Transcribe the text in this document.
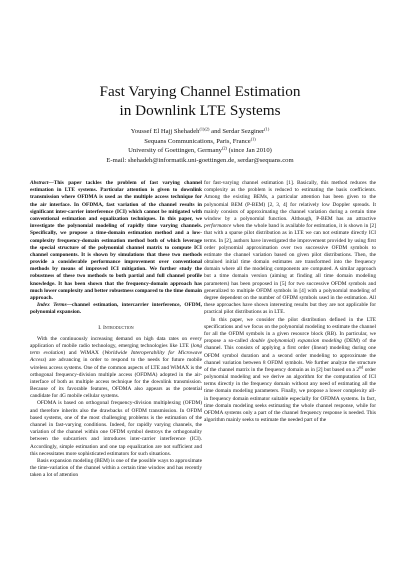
Fast Varying Channel Estimation
in Downlink LTE Systems
Youssef El Hajj Shehadeh$^{(1)(2)}$ and Serdar Sezginer$^{(1)}$
Sequans Communications, Paris, France$^{(1)}$
University of Goettingen, Germany$^{(2)}$ (since Jan 2010)
E-mail: shehadeh@informatik.uni-goettingen.de, serdar@sequans.com

Abstract—This paper tackles the problem of fast varying channel estimation in LTE systems. Particular attention is given to downlink transmission where OFDMA is used as the multiple access technique for the air interface. In OFDMA, fast variation of the channel results in significant inter-carrier interference (ICI) which cannot be mitigated with conventional estimation and equalization techniques. In this paper, we investigate the polynomial modeling of rapidly time varying channels. Specifically, we propose a time-domain estimation method and a low-complexity frequency-domain estimation method both of which leverage the special structure of the polynomial channel matrix to compute ICI channel components. It is shown by simulations that these two methods provide a considerable performance improvement over conventional methods by means of improved ICI mitigation. We further study the robustness of these two methods to both partial and full channel profile knowledge. It has been shown that the frequency-domain approach has much lower complexity and better robustness compared to the time domain approach.

Index Terms—channel estimation, intercarrier interference, OFDM, polynomial expansion.

I. Introduction

With the continuously increasing demand on high data rates on every application of mobile radio technology, emerging technologies like LTE (long term evolution) and WiMAX (Worldwide Interoperability for Microwave Access) are advancing in order to respond to the needs for future mobile wireless access systems. One of the common aspects of LTE and WiMAX is the orthogonal frequency-division multiple access (OFDMA) adopted in the air-interface of both as multiple access technique for the downlink transmission. Because of its favorable features, OFDMA also appears as the potential candidate for 4G mobile cellular systems.

OFDMA is based on orthogonal frequency-division multiplexing (OFDM) and therefore inherits also the drawbacks of OFDM transmission. In OFDM based systems, one of the most challenging problems is the estimation of the channel in fast-varying conditions. Indeed, for rapidly varying channels, the variation of the channel within one OFDM symbol destroys the orthogonality between the subcarriers and introduces inter-carrier interference (ICI). Accordingly, simple estimation and one tap equalization are not sufficient and this necessitates more sophisticated estimators for such situations.

Basis expansion modeling (BEM) is one of the possible ways to approximate the time-variation of the channel within a certain time window and has recently taken a lot of attention

for fast-varying channel estimation [1]. Basically, this method reduces the complexity as the problem is reduced to estimating the basis coefficients. Among the existing BEMs, a particular attention has been given to the polynomial BEM (P-BEM) [2, 3, 4] for relatively low Doppler spreads. It mainly consists of approximating the channel variation during a certain time window by a polynomial function. Although, P-BEM has an attractive performance when the whole band is available for estimation, it is shown in [2] that with a sparse pilot distribution as in LTE we can not estimate directly ICI terms. In [2], authors have investigated the improvement provided by using first order polynomial approximation over two successive OFDM symbols to estimate the channel variation based on given pilot distributions. Then, the obtained initial time domain estimates are transformed into the frequency domain where all the modeling components are computed. A similar approach but a time domain version (aiming at finding all time domain modeling parameters) has been proposed in [5] for two successive OFDM symbols and generalized to multiple OFDM symbols in [4] with a polynomial modeling of degree dependent on the number of OFDM symbols used in the estimation. All these approaches have shown interesting results but they are not applicable for practical pilot distributions as in LTE.

In this paper, we consider the pilot distribution defined in the LTE specifications and we focus on the polynomial modeling to estimate the channel for all the OFDM symbols in a given resource block (RB). In particular, we propose a so-called double (polynomial) expansion modeling (DEM) of the channel. This consists of applying a first order (linear) modeling during one OFDM symbol duration and a second order modeling to approximate the channel variation between 8 OFDM symbols. We further analyze the structure of the channel matrix in the frequency domain as in [2] but based on a 2nd order polynomial modeling and we derive an algorithm for the computation of ICI terms directly in the frequency domain without any need of estimating all the time domain modeling parameters. Finally, we propose a lower complexity all-in frequency domain estimator suitable especially for OFDMA systems. In fact, time domain modeling seeks estimating the whole channel response, while for OFDMA systems only a part of the channel frequency response is needed. This algorithm mainly seeks to estimate the needed part of the
